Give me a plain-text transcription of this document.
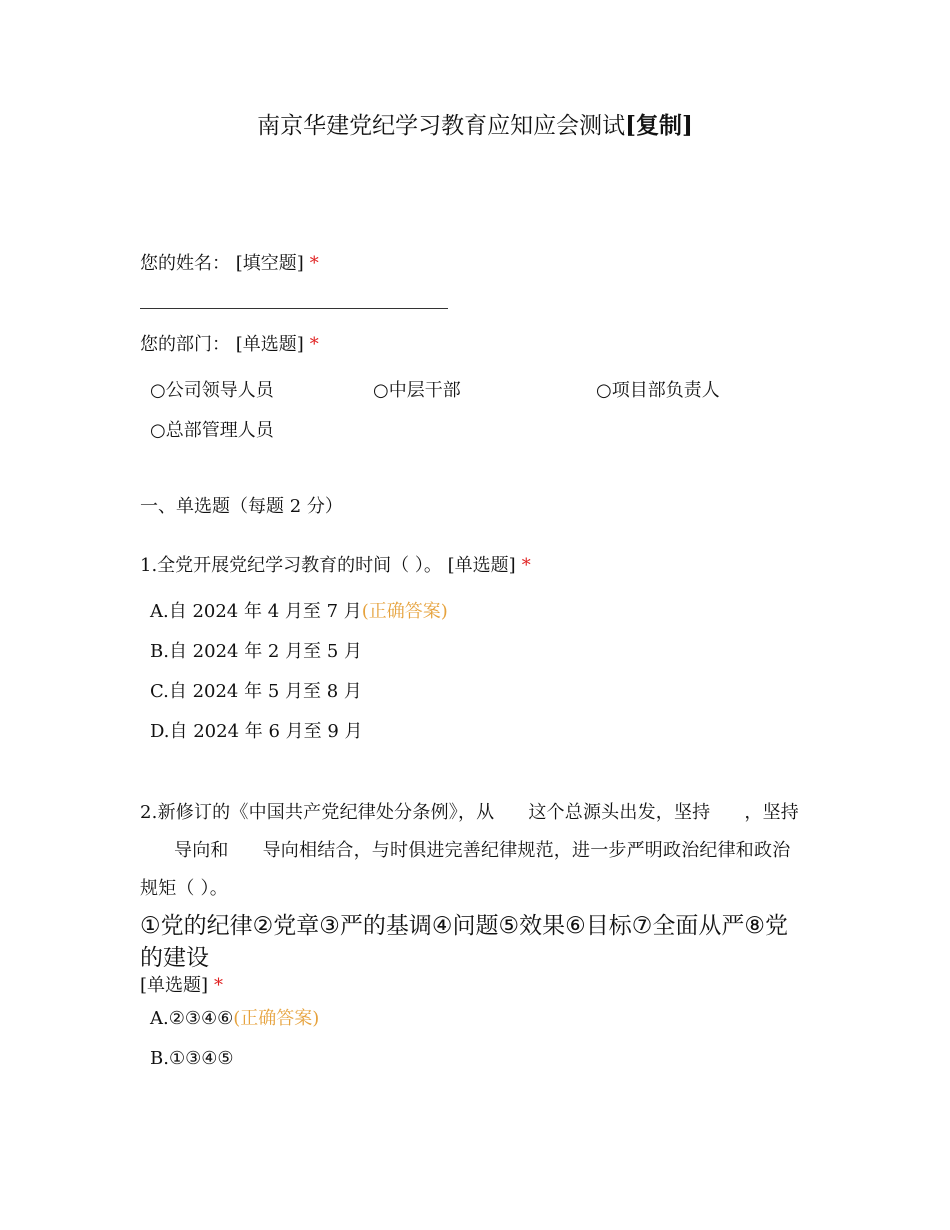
南京华建党纪学习教育应知应会测试[复制]
您的姓名： [填空题] *
您的部门： [单选题] *
○公司领导人员	○中层干部	○项目部负责人
○总部管理人员
一、单选题（每题 2 分）
1.全党开展党纪学习教育的时间（ ）。 [单选题] *
A.自 2024 年 4 月至 7 月(正确答案)
B.自 2024 年 2 月至 5 月
C.自 2024 年 5 月至 8 月
D.自 2024 年 6 月至 9 月
2.新修订的《中国共产党纪律处分条例》，从 这个总源头出发，坚持 ，坚持导向和 导向相结合，与时俱进完善纪律规范，进一步严明政治纪律和政治规矩（ ）。
①党的纪律②党章③严的基调④问题⑤效果⑥目标⑦全面从严⑧党的建设
[单选题] *
A.②③④⑥(正确答案)
B.①③④⑤
